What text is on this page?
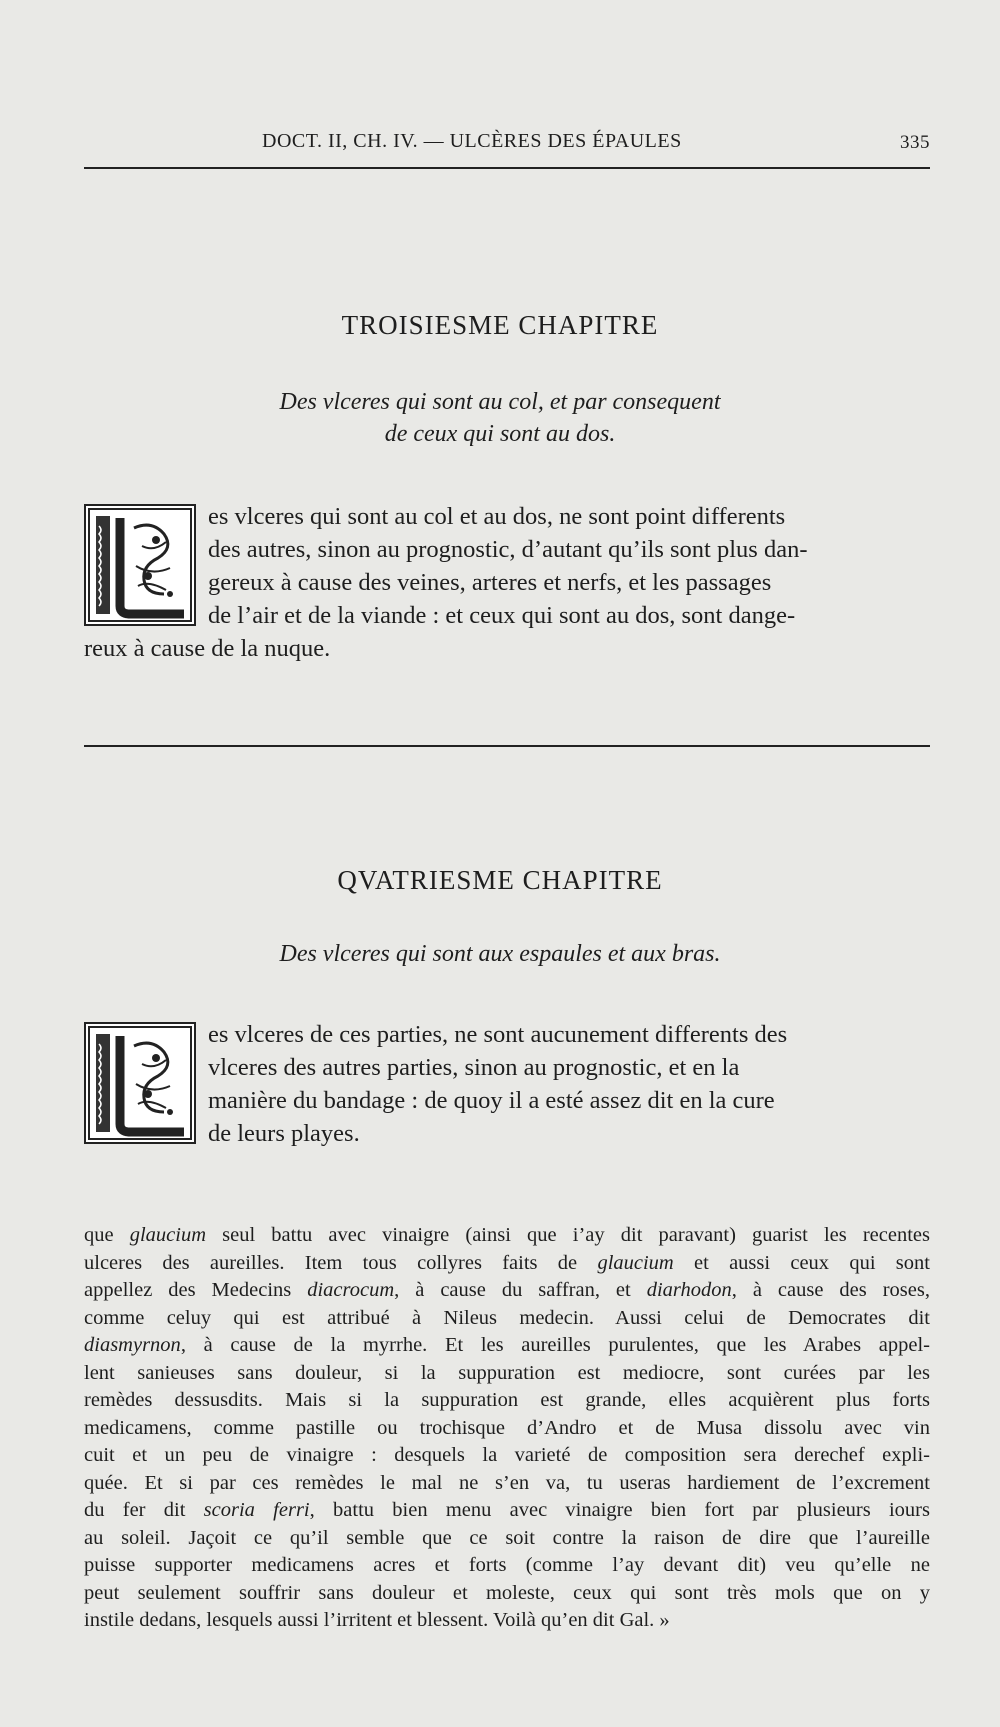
DOCT. II, CH. IV. — ULCÈRES DES ÉPAULES	335
TROISIESME CHAPITRE
Des vlceres qui sont au col, et par consequent
de ceux qui sont au dos.
es vlceres qui sont au col et au dos, ne sont point differents
des autres, sinon au prognostic, d’autant qu’ils sont plus dan-
gereux à cause des veines, arteres et nerfs, et les passages
de l’air et de la viande : et ceux qui sont au dos, sont dange-
reux à cause de la nuque.
QVATRIESME CHAPITRE
Des vlceres qui sont aux espaules et aux bras.
es vlceres de ces parties, ne sont aucunement differents des
vlceres des autres parties, sinon au prognostic, et en la
manière du bandage : de quoy il a esté assez dit en la cure
de leurs playes.
que glaucium seul battu avec vinaigre (ainsi que i’ay dit paravant) guarist les recentes
ulceres des aureilles. Item tous collyres faits de glaucium et aussi ceux qui sont
appellez des Medecins diacrocum, à cause du saffran, et diarhodon, à cause des roses,
comme celuy qui est attribué à Nileus medecin. Aussi celui de Democrates dit
diasmyrnon, à cause de la myrrhe. Et les aureilles purulentes, que les Arabes appel-
lent sanieuses sans douleur, si la suppuration est mediocre, sont curées par les
remèdes dessusdits. Mais si la suppuration est grande, elles acquièrent plus forts
medicamens, comme pastille ou trochisque d’Andro et de Musa dissolu avec vin
cuit et un peu de vinaigre : desquels la varieté de composition sera derechef expli-
quée. Et si par ces remèdes le mal ne s’en va, tu useras hardiement de l’excrement
du fer dit scoria ferri, battu bien menu avec vinaigre bien fort par plusieurs iours
au soleil. Jaçoit ce qu’il semble que ce soit contre la raison de dire que l’aureille
puisse supporter medicamens acres et forts (comme l’ay devant dit) veu qu’elle ne
peut seulement souffrir sans douleur et moleste, ceux qui sont très mols que on y
instile dedans, lesquels aussi l’irritent et blessent. Voilà qu’en dit Gal. »
